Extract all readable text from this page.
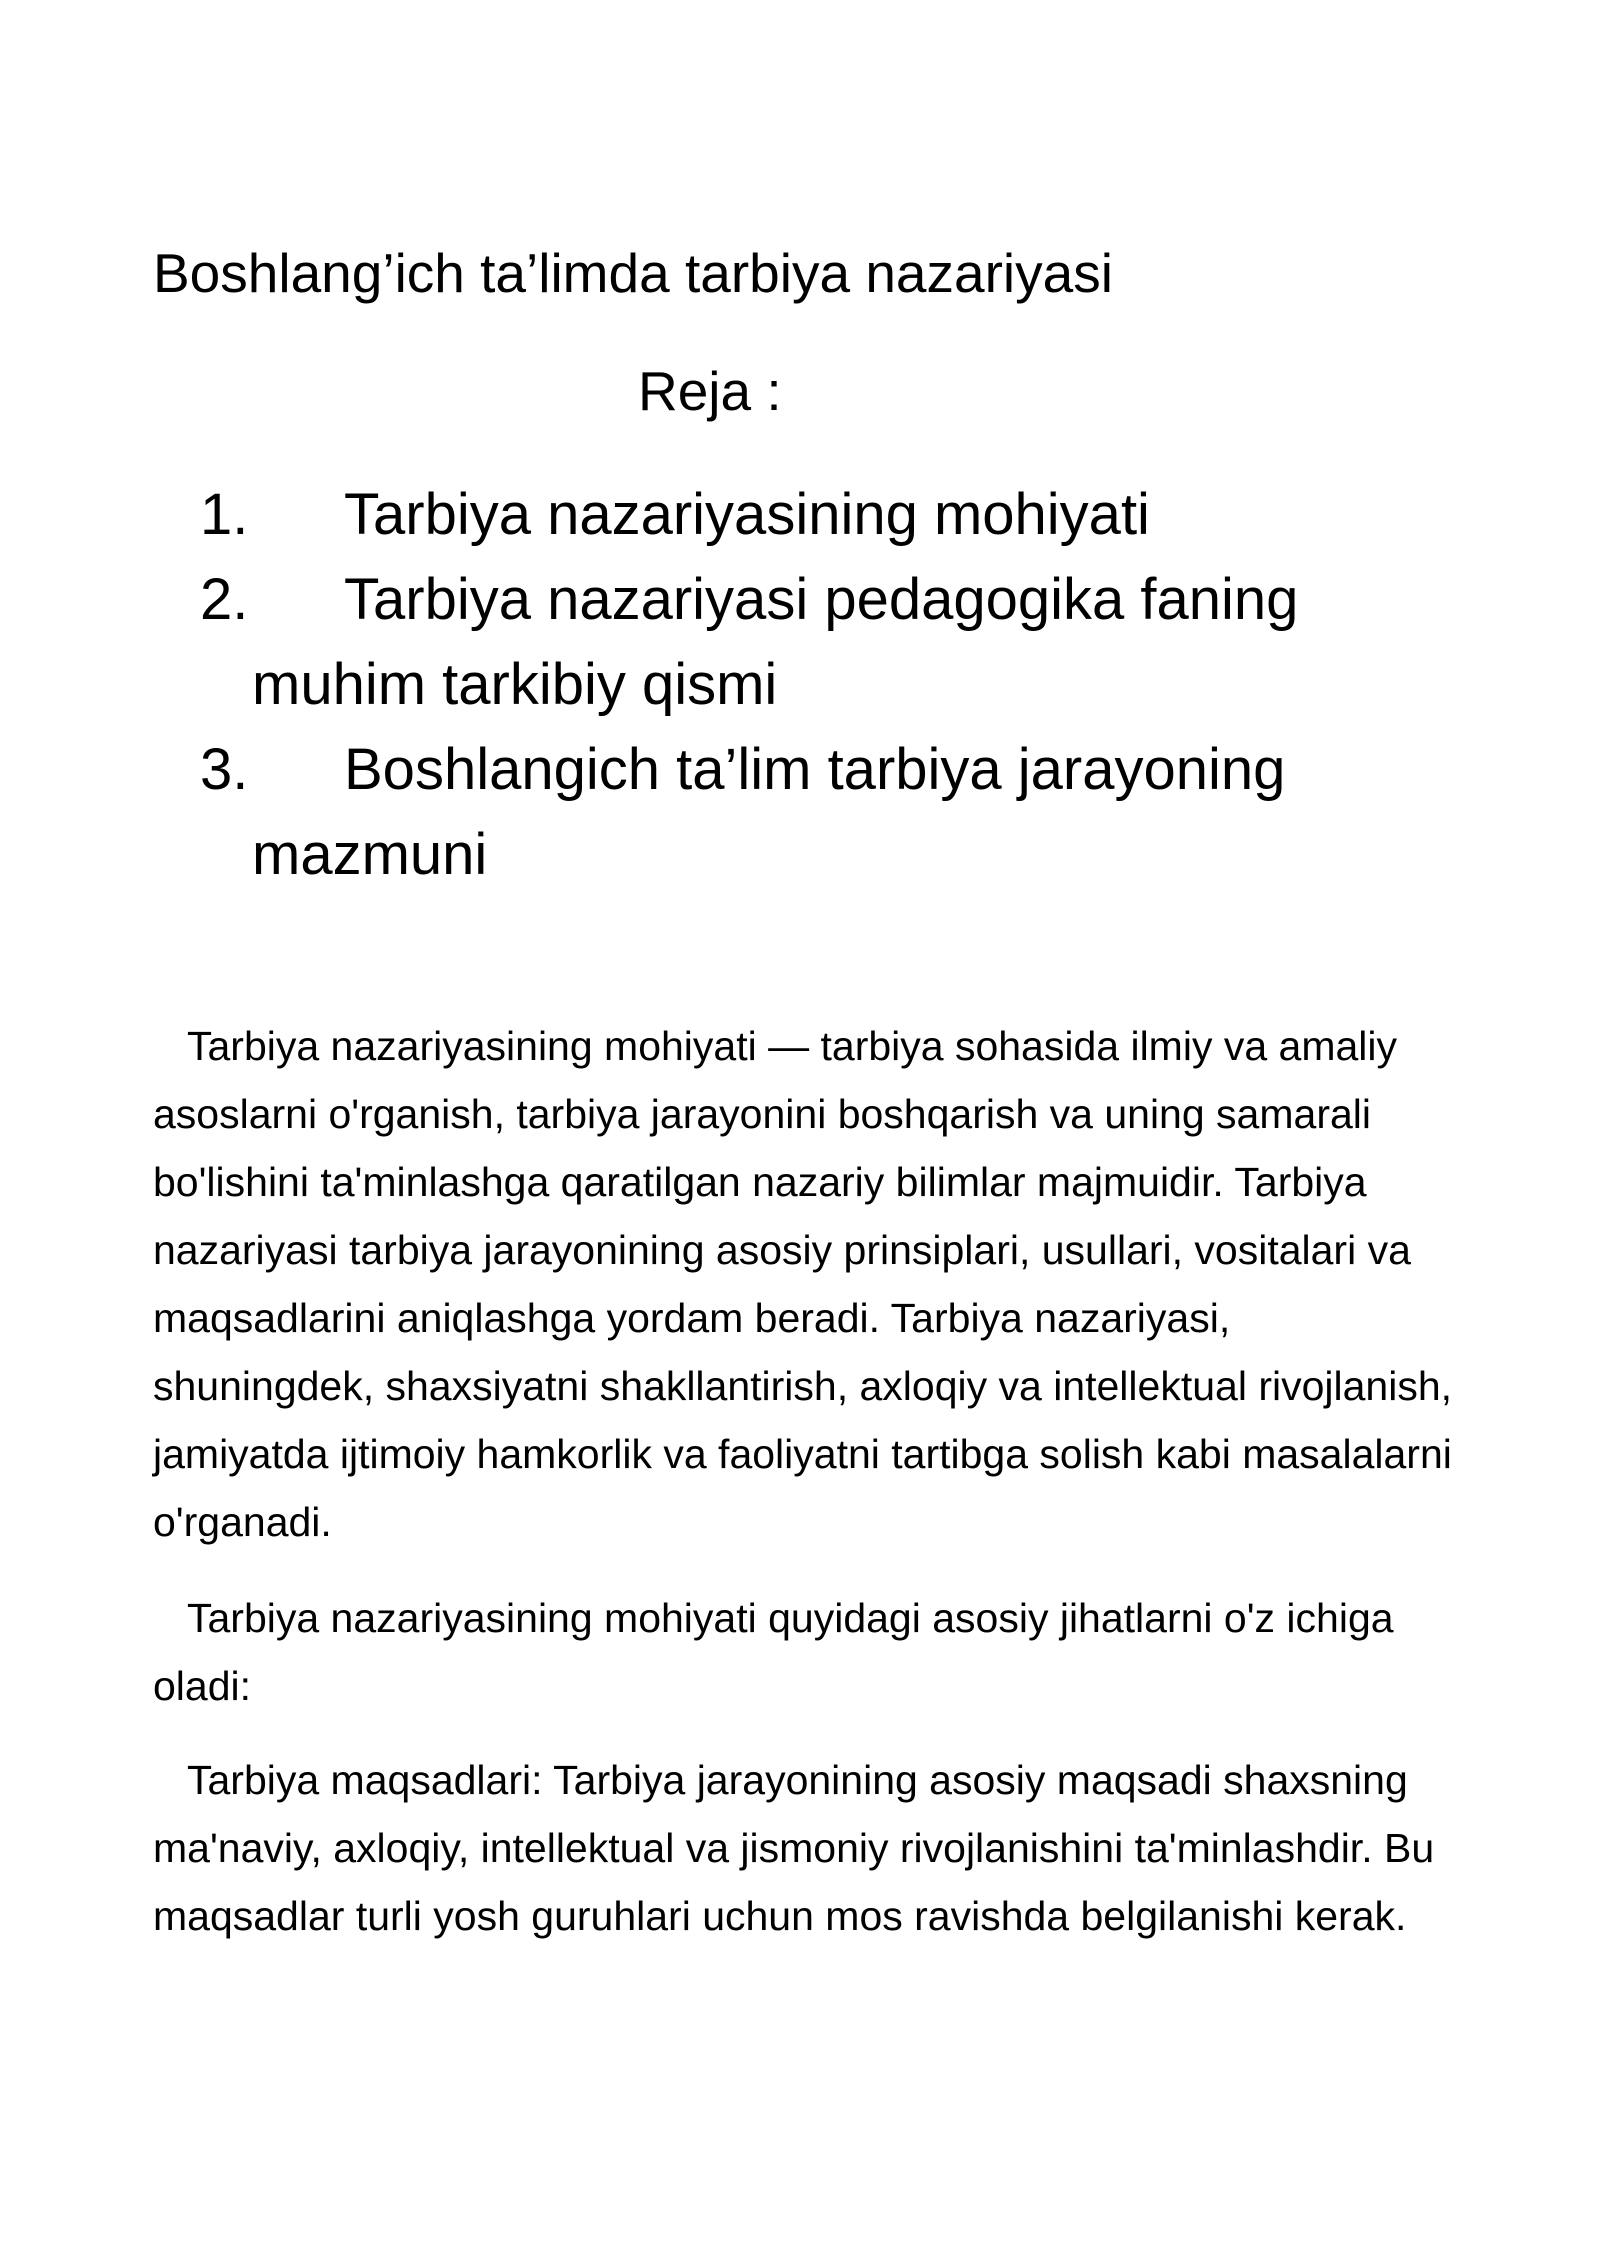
Boshlang’ich ta’limda tarbiya nazariyasi
Reja :
1. Tarbiya nazariyasining mohiyati
2. Tarbiya nazariyasi pedagogika faning muhim tarkibiy qismi
3. Boshlangich ta’lim tarbiya jarayoning mazmuni

Tarbiya nazariyasining mohiyati — tarbiya sohasida ilmiy va amaliy asoslarni o'rganish, tarbiya jarayonini boshqarish va uning samarali bo'lishini ta'minlashga qaratilgan nazariy bilimlar majmuidir. Tarbiya nazariyasi tarbiya jarayonining asosiy prinsiplari, usullari, vositalari va maqsadlarini aniqlashga yordam beradi. Tarbiya nazariyasi, shuningdek, shaxsiyatni shakllantirish, axloqiy va intellektual rivojlanish, jamiyatda ijtimoiy hamkorlik va faoliyatni tartibga solish kabi masalalarni o'rganadi.

Tarbiya nazariyasining mohiyati quyidagi asosiy jihatlarni o'z ichiga oladi:

Tarbiya maqsadlari: Tarbiya jarayonining asosiy maqsadi shaxsning ma'naviy, axloqiy, intellektual va jismoniy rivojlanishini ta'minlashdir. Bu maqsadlar turli yosh guruhlari uchun mos ravishda belgilanishi kerak.
